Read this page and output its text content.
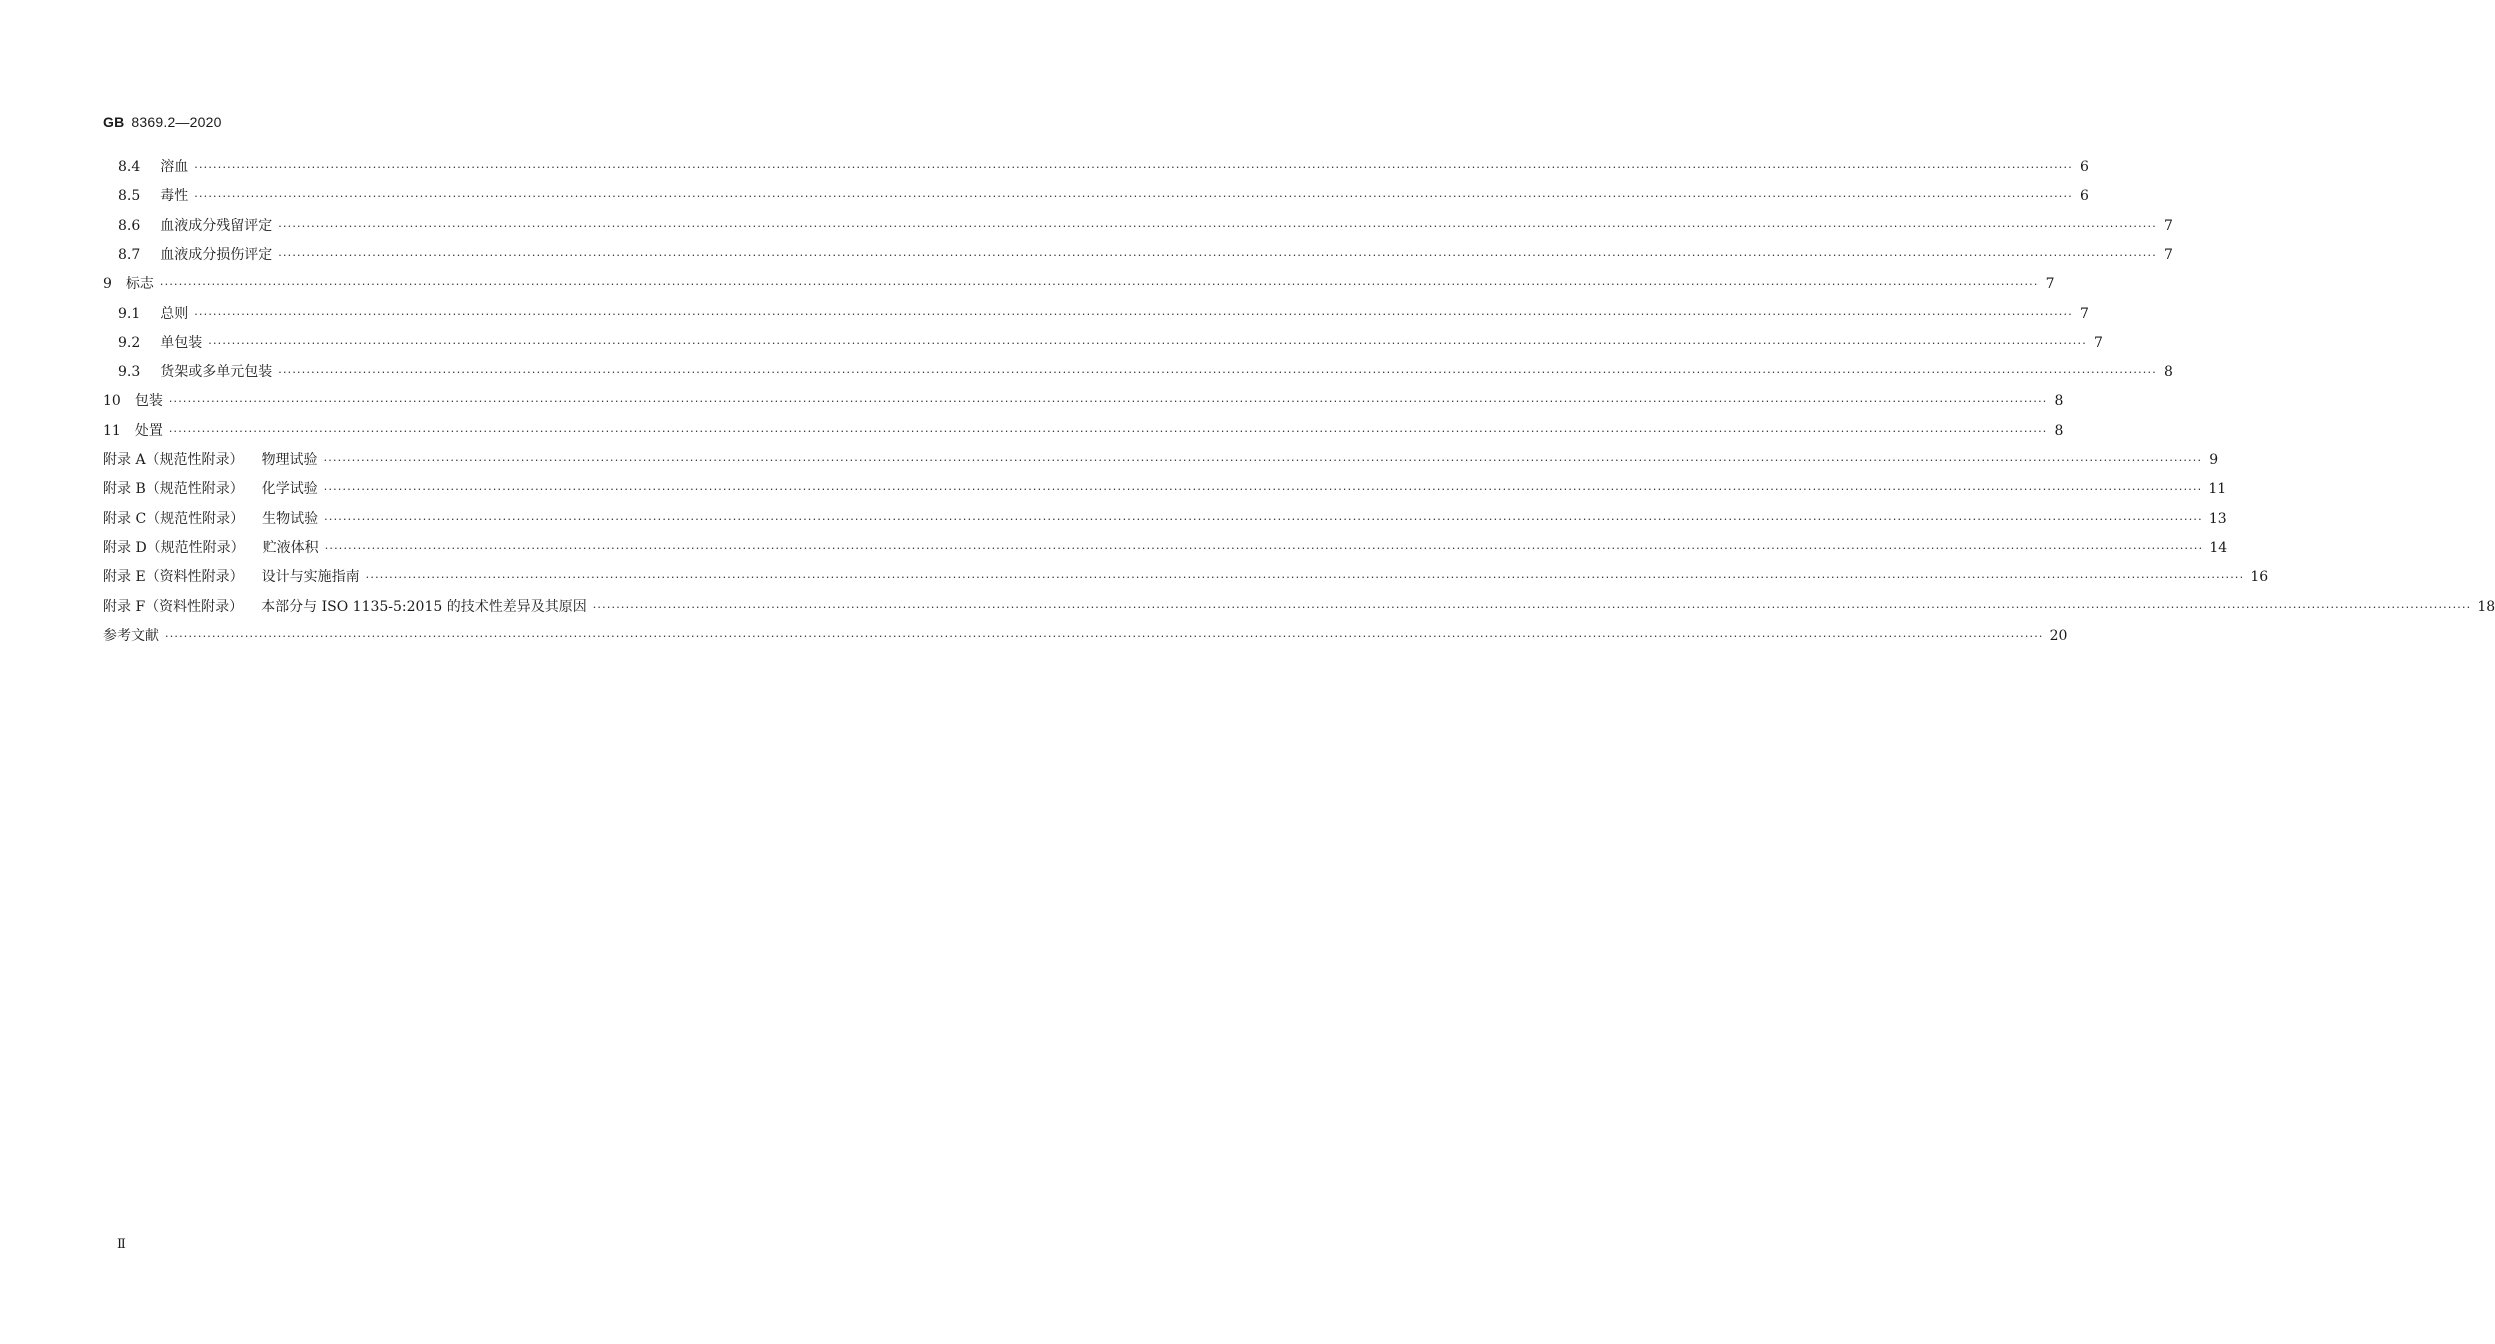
GB 8369.2—2020
8.4 溶血 ················································································································································································································································································································································································································ 6
8.5 毒性 ················································································································································································································································································································································································································ 6
8.6 血液成分残留评定 ················································································································································································································································································································································································································ 7
8.7 血液成分损伤评定 ················································································································································································································································································································································································································ 7
9 标志 ················································································································································································································································································································································································································ 7
9.1 总则 ················································································································································································································································································································································································································ 7
9.2 单包装 ················································································································································································································································································································································································································ 7
9.3 货架或多单元包装 ················································································································································································································································································································································································································ 8
10 包装 ················································································································································································································································································································································································································ 8
11 处置 ················································································································································································································································································································································································································ 8
附录 A（规范性附录） 物理试验 ················································································································································································································································································································································································································ 9
附录 B（规范性附录） 化学试验 ················································································································································································································································································································································································································ 11
附录 C（规范性附录） 生物试验 ················································································································································································································································································································································································································ 13
附录 D（规范性附录） 贮液体积 ················································································································································································································································································································································································································ 14
附录 E（资料性附录） 设计与实施指南 ················································································································································································································································································································································································································ 16
附录 F（资料性附录） 本部分与 ISO 1135-5:2015 的技术性差异及其原因 ················································································································································································································································································································································································································ 18
参考文献 ················································································································································································································································································································································································································ 20
Ⅱ
